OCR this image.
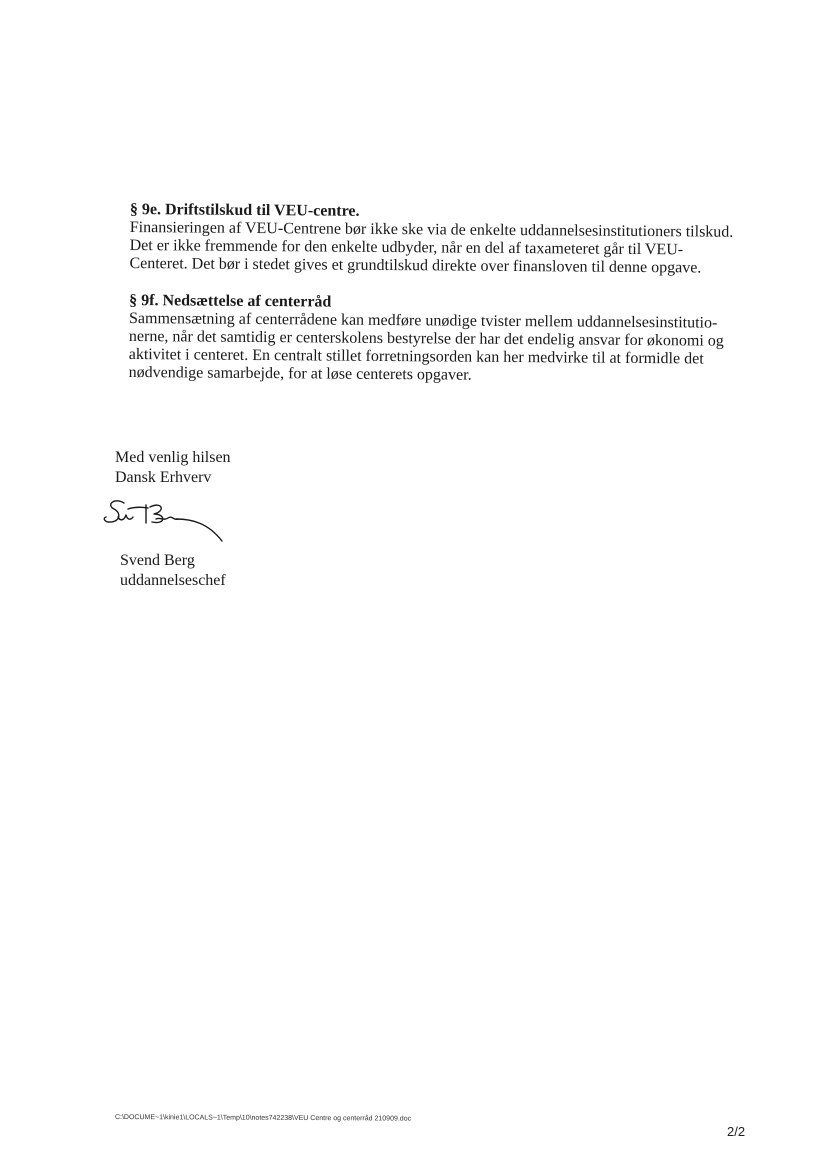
§ 9e. Driftstilskud til VEU-centre.

Finansieringen af VEU-Centrene bør ikke ske via de enkelte uddannelsesinstitutioners tilskud.
Det er ikke fremmende for den enkelte udbyder, når en del af taxameteret går til VEU-
Centeret. Det bør i stedet gives et grundtilskud direkte over finansloven til denne opgave.

§ 9f. Nedsættelse af centerråd

Sammensætning af centerrådene kan medføre unødige tvister mellem uddannelsesinstitutio-
nerne, når det samtidig er centerskolens bestyrelse der har det endelig ansvar for økonomi og
aktivitet i centeret. En centralt stillet forretningsorden kan her medvirke til at formidle det
nødvendige samarbejde, for at løse centerets opgaver.
Med venlig hilsen
Dansk Erhverv
Svend Berg
uddannelseschef
C:\DOCUME~1\kinie1\LOCALS~1\Temp\10\notes742238\VEU Centre og centerråd 210909.doc
2/2
